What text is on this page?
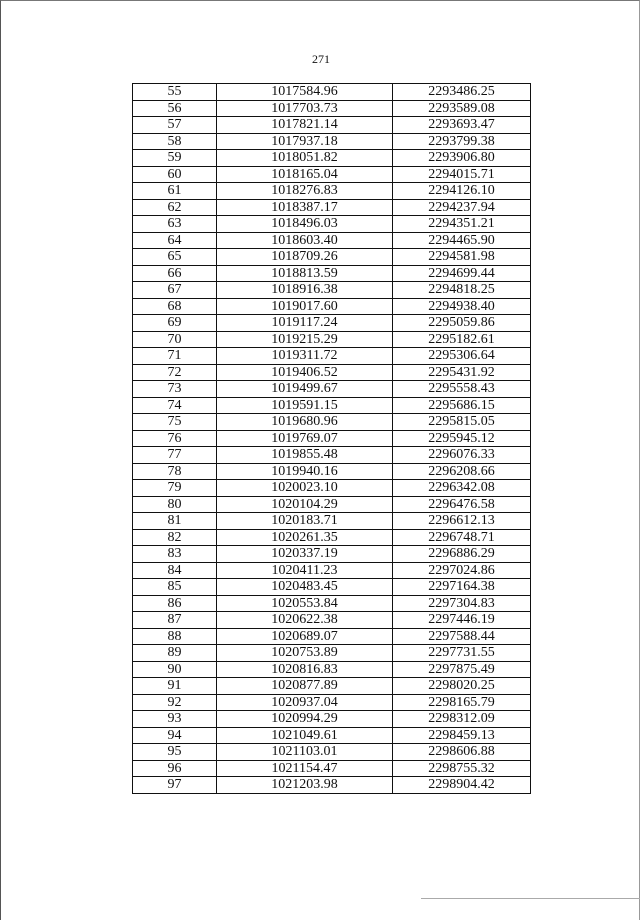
271
55	1017584.96	2293486.25
56	1017703.73	2293589.08
57	1017821.14	2293693.47
58	1017937.18	2293799.38
59	1018051.82	2293906.80
60	1018165.04	2294015.71
61	1018276.83	2294126.10
62	1018387.17	2294237.94
63	1018496.03	2294351.21
64	1018603.40	2294465.90
65	1018709.26	2294581.98
66	1018813.59	2294699.44
67	1018916.38	2294818.25
68	1019017.60	2294938.40
69	1019117.24	2295059.86
70	1019215.29	2295182.61
71	1019311.72	2295306.64
72	1019406.52	2295431.92
73	1019499.67	2295558.43
74	1019591.15	2295686.15
75	1019680.96	2295815.05
76	1019769.07	2295945.12
77	1019855.48	2296076.33
78	1019940.16	2296208.66
79	1020023.10	2296342.08
80	1020104.29	2296476.58
81	1020183.71	2296612.13
82	1020261.35	2296748.71
83	1020337.19	2296886.29
84	1020411.23	2297024.86
85	1020483.45	2297164.38
86	1020553.84	2297304.83
87	1020622.38	2297446.19
88	1020689.07	2297588.44
89	1020753.89	2297731.55
90	1020816.83	2297875.49
91	1020877.89	2298020.25
92	1020937.04	2298165.79
93	1020994.29	2298312.09
94	1021049.61	2298459.13
95	1021103.01	2298606.88
96	1021154.47	2298755.32
97	1021203.98	2298904.42
